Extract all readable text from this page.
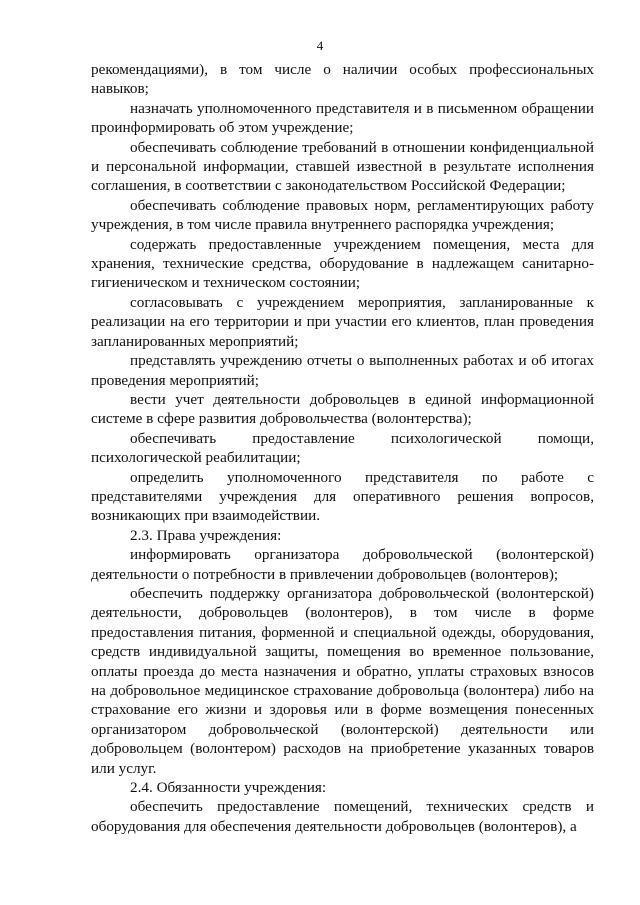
4

рекомендациями), в том числе о наличии особых профессиональных навыков;

назначать уполномоченного представителя и в письменном обращении проинформировать об этом учреждение;

обеспечивать соблюдение требований в отношении конфиденциальной и персональной информации, ставшей известной в результате исполнения соглашения, в соответствии с законодательством Российской Федерации;

обеспечивать соблюдение правовых норм, регламентирующих работу учреждения, в том числе правила внутреннего распорядка учреждения;

содержать предоставленные учреждением помещения, места для хранения, технические средства, оборудование в надлежащем санитарно-гигиеническом и техническом состоянии;

согласовывать с учреждением мероприятия, запланированные к реализации на его территории и при участии его клиентов, план проведения запланированных мероприятий;

представлять учреждению отчеты о выполненных работах и об итогах проведения мероприятий;

вести учет деятельности добровольцев в единой информационной системе в сфере развития добровольчества (волонтерства);

обеспечивать предоставление психологической помощи, психологической реабилитации;

определить уполномоченного представителя по работе с представителями учреждения для оперативного решения вопросов, возникающих при взаимодействии.

2.3. Права учреждения:

информировать организатора добровольческой (волонтерской) деятельности о потребности в привлечении добровольцев (волонтеров);

обеспечить поддержку организатора добровольческой (волонтерской) деятельности, добровольцев (волонтеров), в том числе в форме предоставления питания, форменной и специальной одежды, оборудования, средств индивидуальной защиты, помещения во временное пользование, оплаты проезда до места назначения и обратно, уплаты страховых взносов на добровольное медицинское страхование добровольца (волонтера) либо на страхование его жизни и здоровья или в форме возмещения понесенных организатором добровольческой (волонтерской) деятельности или добровольцем (волонтером) расходов на приобретение указанных товаров или услуг.

2.4. Обязанности учреждения:

обеспечить предоставление помещений, технических средств и оборудования для обеспечения деятельности добровольцев (волонтеров), а
